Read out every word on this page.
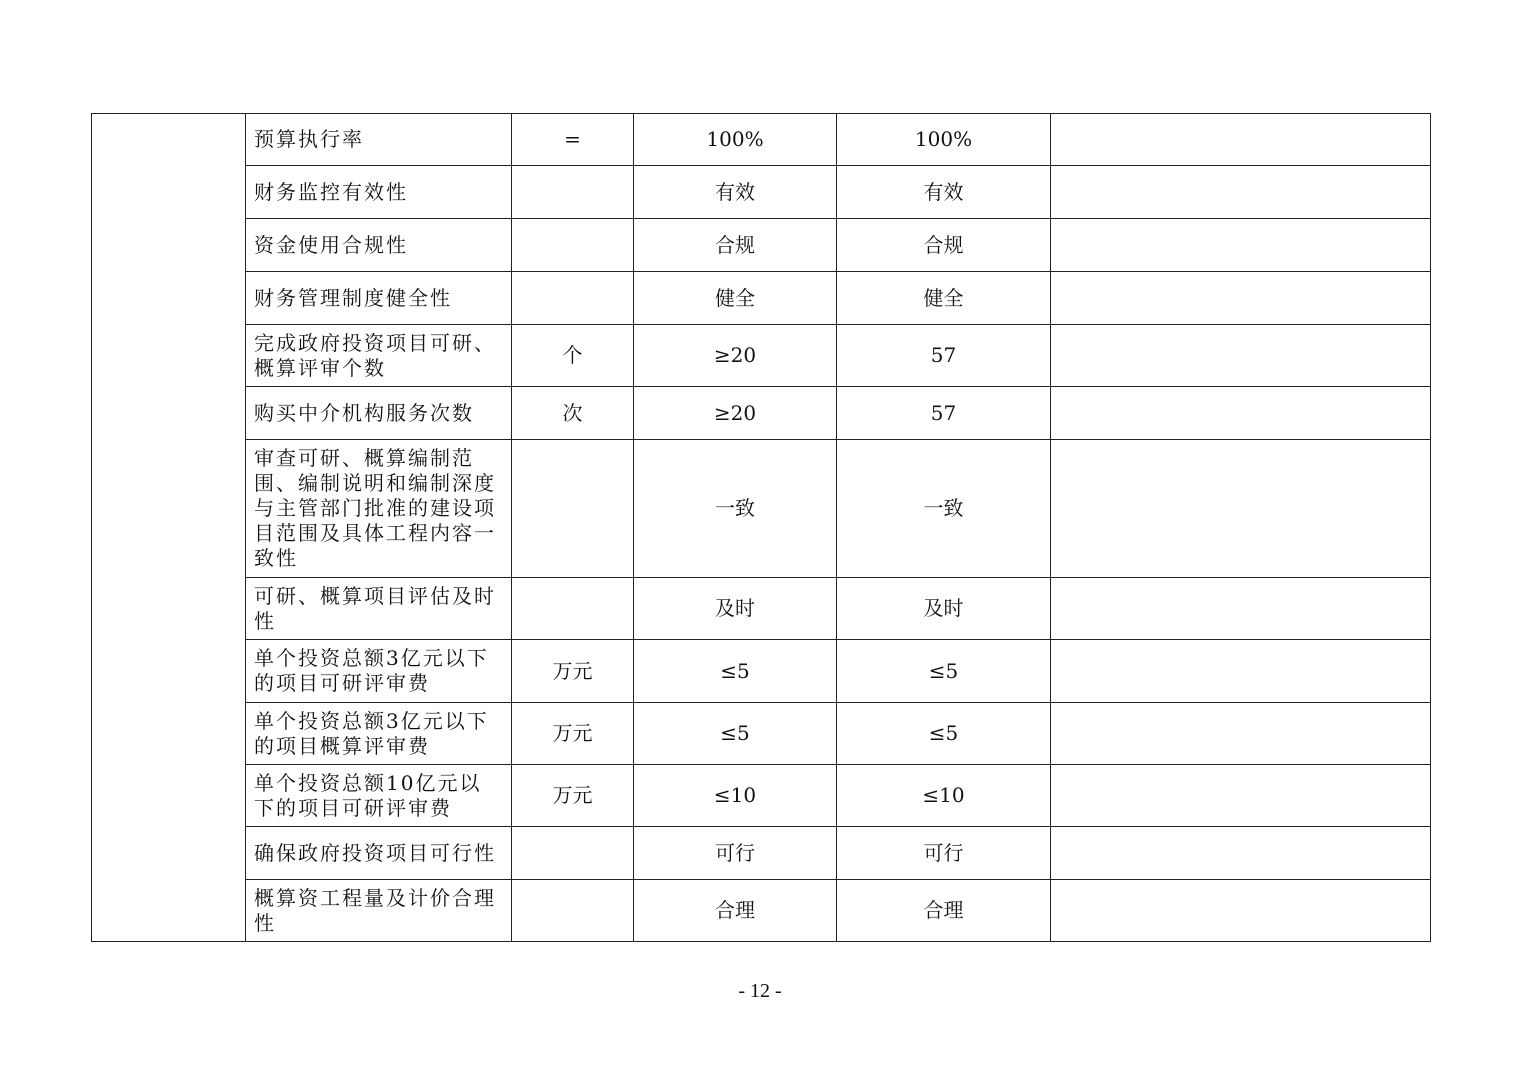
	预算执行率	=	100%	100%	
	财务监控有效性		有效	有效	
	资金使用合规性		合规	合规	
	财务管理制度健全性		健全	健全	
	完成政府投资项目可研、概算评审个数	个	≥20	57	
	购买中介机构服务次数	次	≥20	57	
	审查可研、概算编制范围、编制说明和编制深度与主管部门批准的建设项目范围及具体工程内容一致性		一致	一致	
	可研、概算项目评估及时性		及时	及时	
	单个投资总额3亿元以下的项目可研评审费	万元	≤5	≤5	
	单个投资总额3亿元以下的项目概算评审费	万元	≤5	≤5	
	单个投资总额10亿元以下的项目可研评审费	万元	≤10	≤10	
	确保政府投资项目可行性		可行	可行	
	概算资工程量及计价合理性		合理	合理	
- 12 -
